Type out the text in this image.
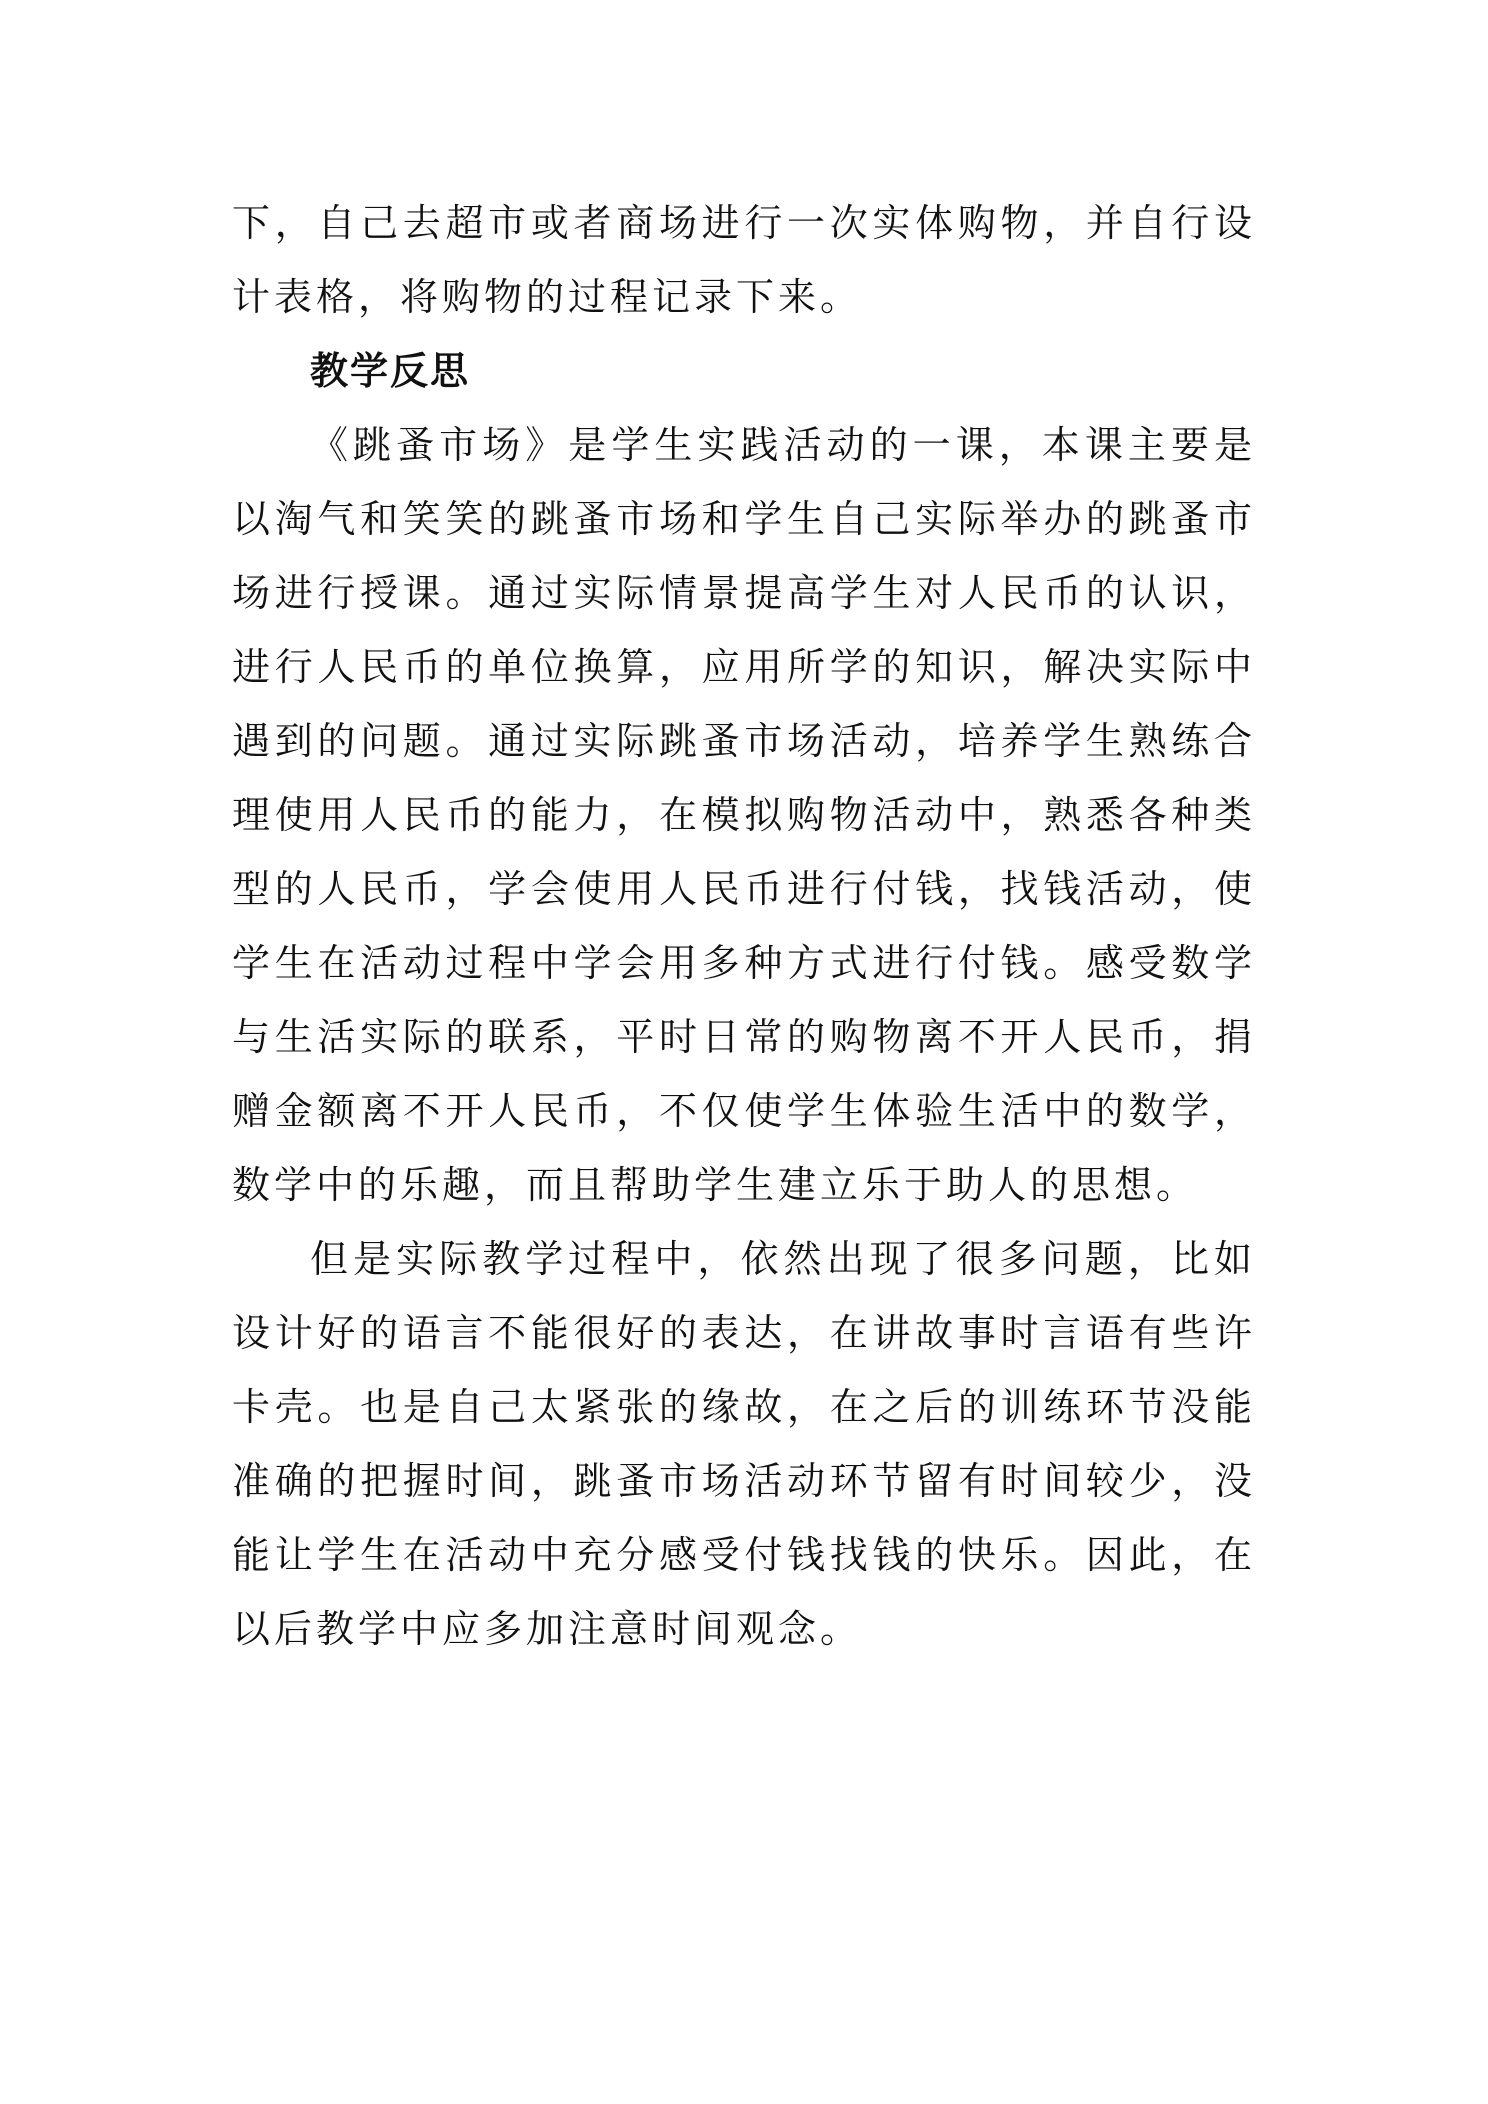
下，自己去超市或者商场进行一次实体购物，并自行设计表格，将购物的过程记录下来。

教学反思

《跳蚤市场》是学生实践活动的一课，本课主要是以淘气和笑笑的跳蚤市场和学生自己实际举办的跳蚤市场进行授课。通过实际情景提高学生对人民币的认识，进行人民币的单位换算，应用所学的知识，解决实际中遇到的问题。通过实际跳蚤市场活动，培养学生熟练合理使用人民币的能力，在模拟购物活动中，熟悉各种类型的人民币，学会使用人民币进行付钱，找钱活动，使学生在活动过程中学会用多种方式进行付钱。感受数学与生活实际的联系，平时日常的购物离不开人民币，捐赠金额离不开人民币，不仅使学生体验生活中的数学，数学中的乐趣，而且帮助学生建立乐于助人的思想。

但是实际教学过程中，依然出现了很多问题，比如设计好的语言不能很好的表达，在讲故事时言语有些许卡壳。也是自己太紧张的缘故，在之后的训练环节没能准确的把握时间，跳蚤市场活动环节留有时间较少，没能让学生在活动中充分感受付钱找钱的快乐。因此，在以后教学中应多加注意时间观念。
